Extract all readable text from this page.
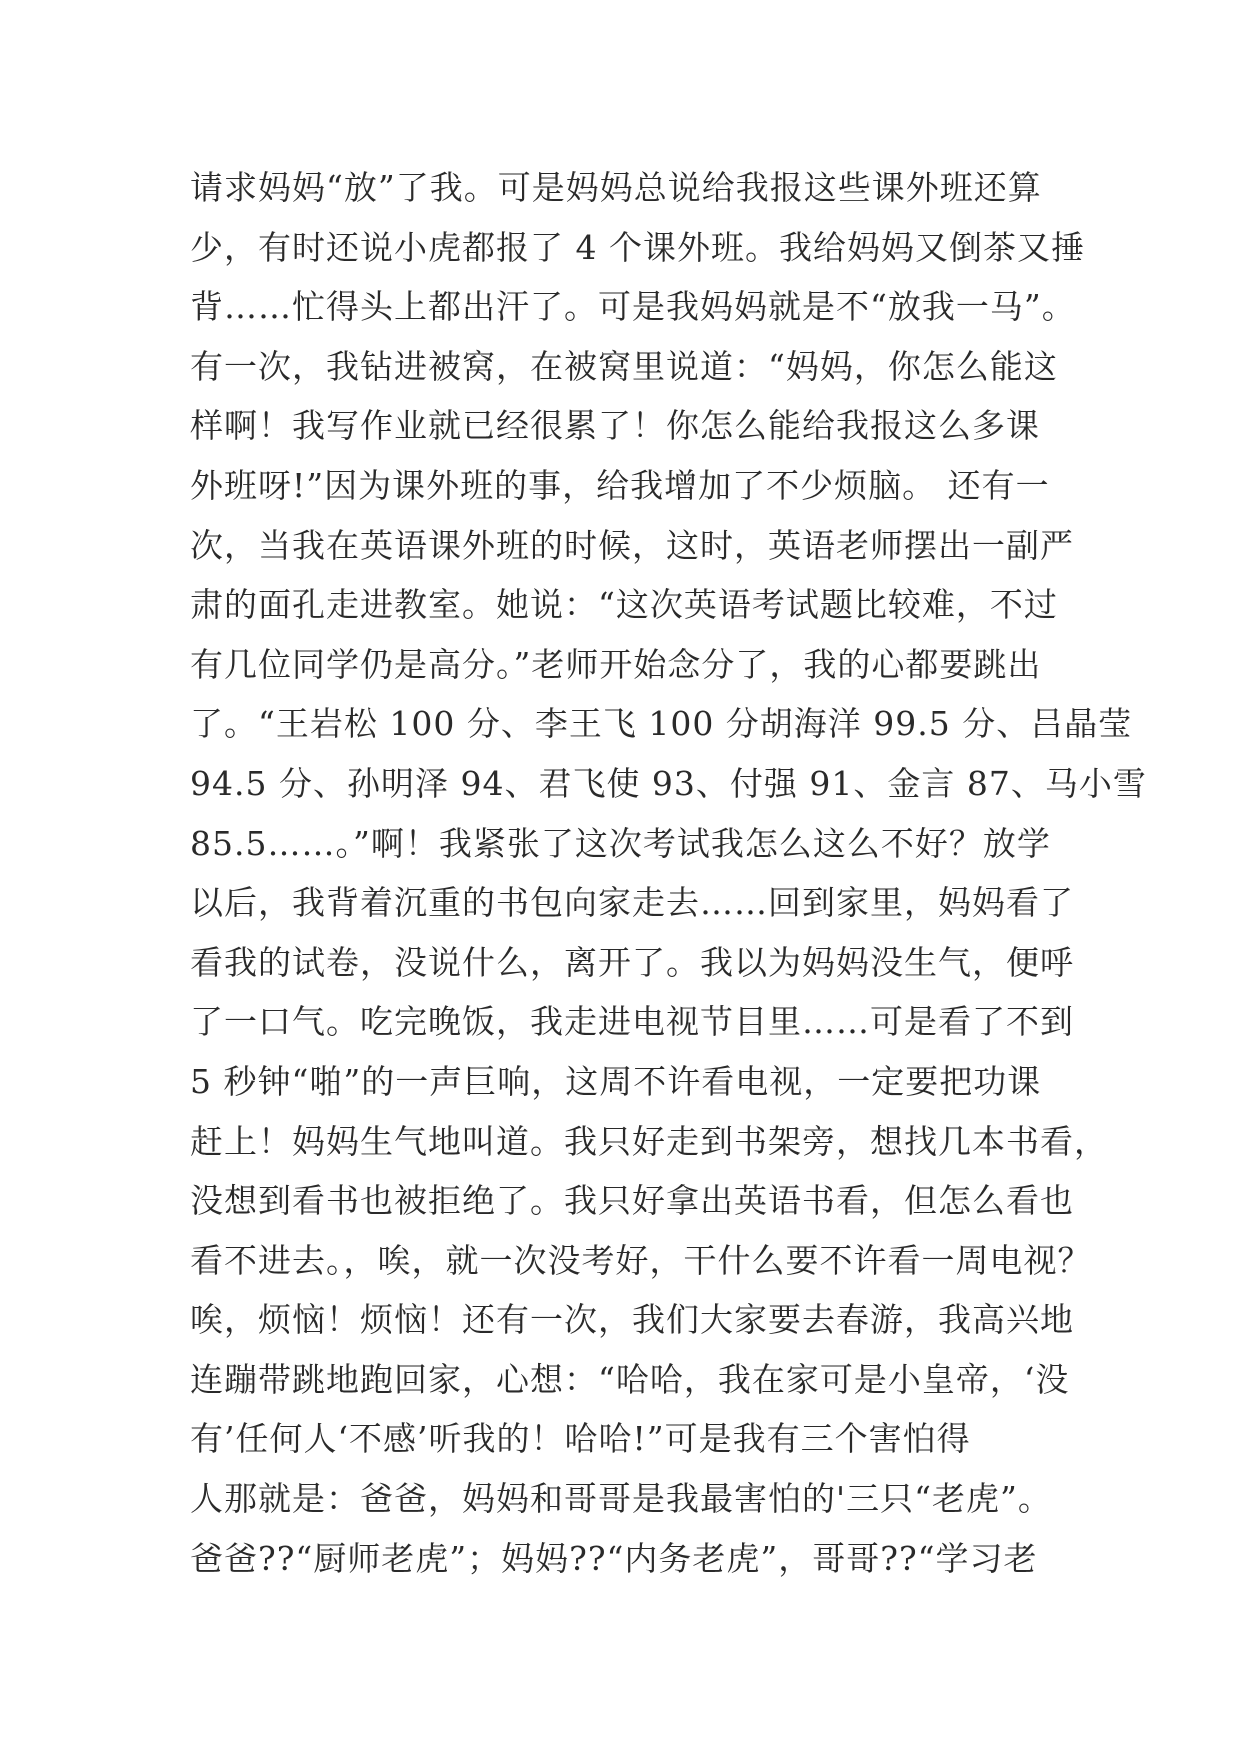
请求妈妈“放”了我。可是妈妈总说给我报这些课外班还算
少，有时还说小虎都报了 4 个课外班。我给妈妈又倒茶又捶
背……忙得头上都出汗了。可是我妈妈就是不“放我一马”。
有一次，我钻进被窝，在被窝里说道：“妈妈，你怎么能这
样啊！我写作业就已经很累了！你怎么能给我报这么多课
外班呀!”因为课外班的事，给我增加了不少烦脑。 还有一
次，当我在英语课外班的时候，这时，英语老师摆出一副严
肃的面孔走进教室。她说：“这次英语考试题比较难，不过
有几位同学仍是高分。”老师开始念分了，我的心都要跳出
了。“王岩松 100 分、李王飞 100 分胡海洋 99.5 分、吕晶莹
94.5 分、孙明泽 94、君飞使 93、付强 91、金言 87、马小雪
85.5……。”啊！我紧张了这次考试我怎么这么不好？放学
以后，我背着沉重的书包向家走去……回到家里，妈妈看了
看我的试卷，没说什么，离开了。我以为妈妈没生气，便呼
了一口气。吃完晚饭，我走进电视节目里……可是看了不到
5 秒钟“啪”的一声巨响，这周不许看电视，一定要把功课
赶上！妈妈生气地叫道。我只好走到书架旁，想找几本书看，
没想到看书也被拒绝了。我只好拿出英语书看，但怎么看也
看不进去。，唉，就一次没考好，干什么要不许看一周电视？
唉，烦恼！烦恼！还有一次，我们大家要去春游，我高兴地
连蹦带跳地跑回家，心想：“哈哈，我在家可是小皇帝，‘没
有’任何人‘不感’听我的！哈哈!”可是我有三个害怕得
人那就是：爸爸，妈妈和哥哥是我最害怕的'三只“老虎”。
爸爸??“厨师老虎”；妈妈??“内务老虎”，哥哥??“学习老
